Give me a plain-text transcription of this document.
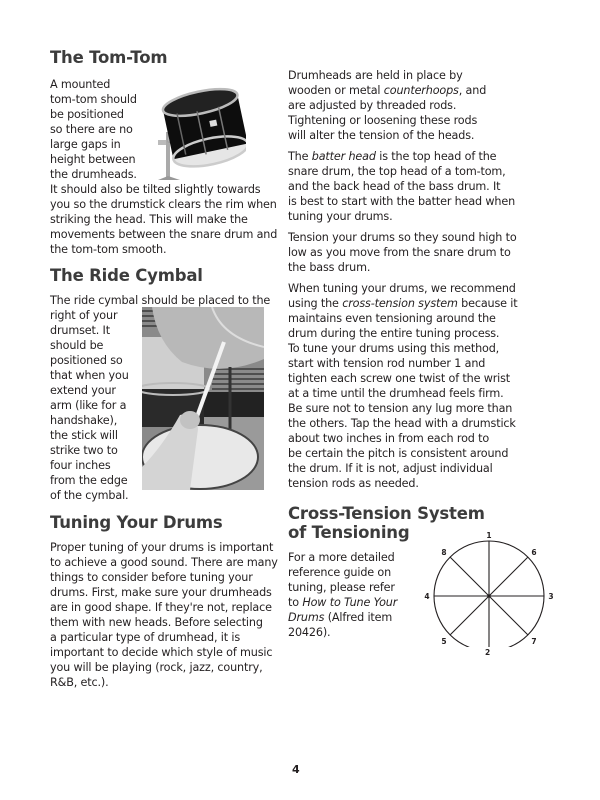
The Tom-Tom

A mounted

tom-tom should

be positioned

so there are no

large gaps in

height between

the drumheads.

It should also be tilted slightly towards

you so the drumstick clears the rim when

striking the head. This will make the

movements between the snare drum and

the tom-tom smooth.

The Ride Cymbal

The ride cymbal should be placed to the

right of your

drumset. It

should be

positioned so

that when you

extend your

arm (like for a

handshake),

the stick will

strike two to

four inches

from the edge

of the cymbal.

Tuning Your Drums

Proper tuning of your drums is important

to achieve a good sound. There are many

things to consider before tuning your

drums. First, make sure your drumheads

are in good shape. If they're not, replace

them with new heads. Before selecting

a particular type of drumhead, it is

important to decide which style of music

you will be playing (rock, jazz, country,

R&B, etc.).

Drumheads are held in place by

wooden or metal counterhoops, and

are adjusted by threaded rods.

Tightening or loosening these rods

will alter the tension of the heads.

The batter head is the top head of the

snare drum, the top head of a tom-tom,

and the back head of the bass drum. It

is best to start with the batter head when

tuning your drums.

Tension your drums so they sound high to

low as you move from the snare drum to

the bass drum.

When tuning your drums, we recommend

using the cross-tension system because it

maintains even tensioning around the

drum during the entire tuning process.

To tune your drums using this method,

start with tension rod number 1 and

tighten each screw one twist of the wrist

at a time until the drumhead feels firm.

Be sure not to tension any lug more than

the others. Tap the head with a drumstick

about two inches in from each rod to

be certain the pitch is consistent around

the drum. If it is not, adjust individual

tension rods as needed.

Cross-Tension System
of Tensioning

For a more detailed

reference guide on

tuning, please refer

to How to Tune Your

Drums (Alfred item

20426).

1
3
4
8	6
5	7
2
4
